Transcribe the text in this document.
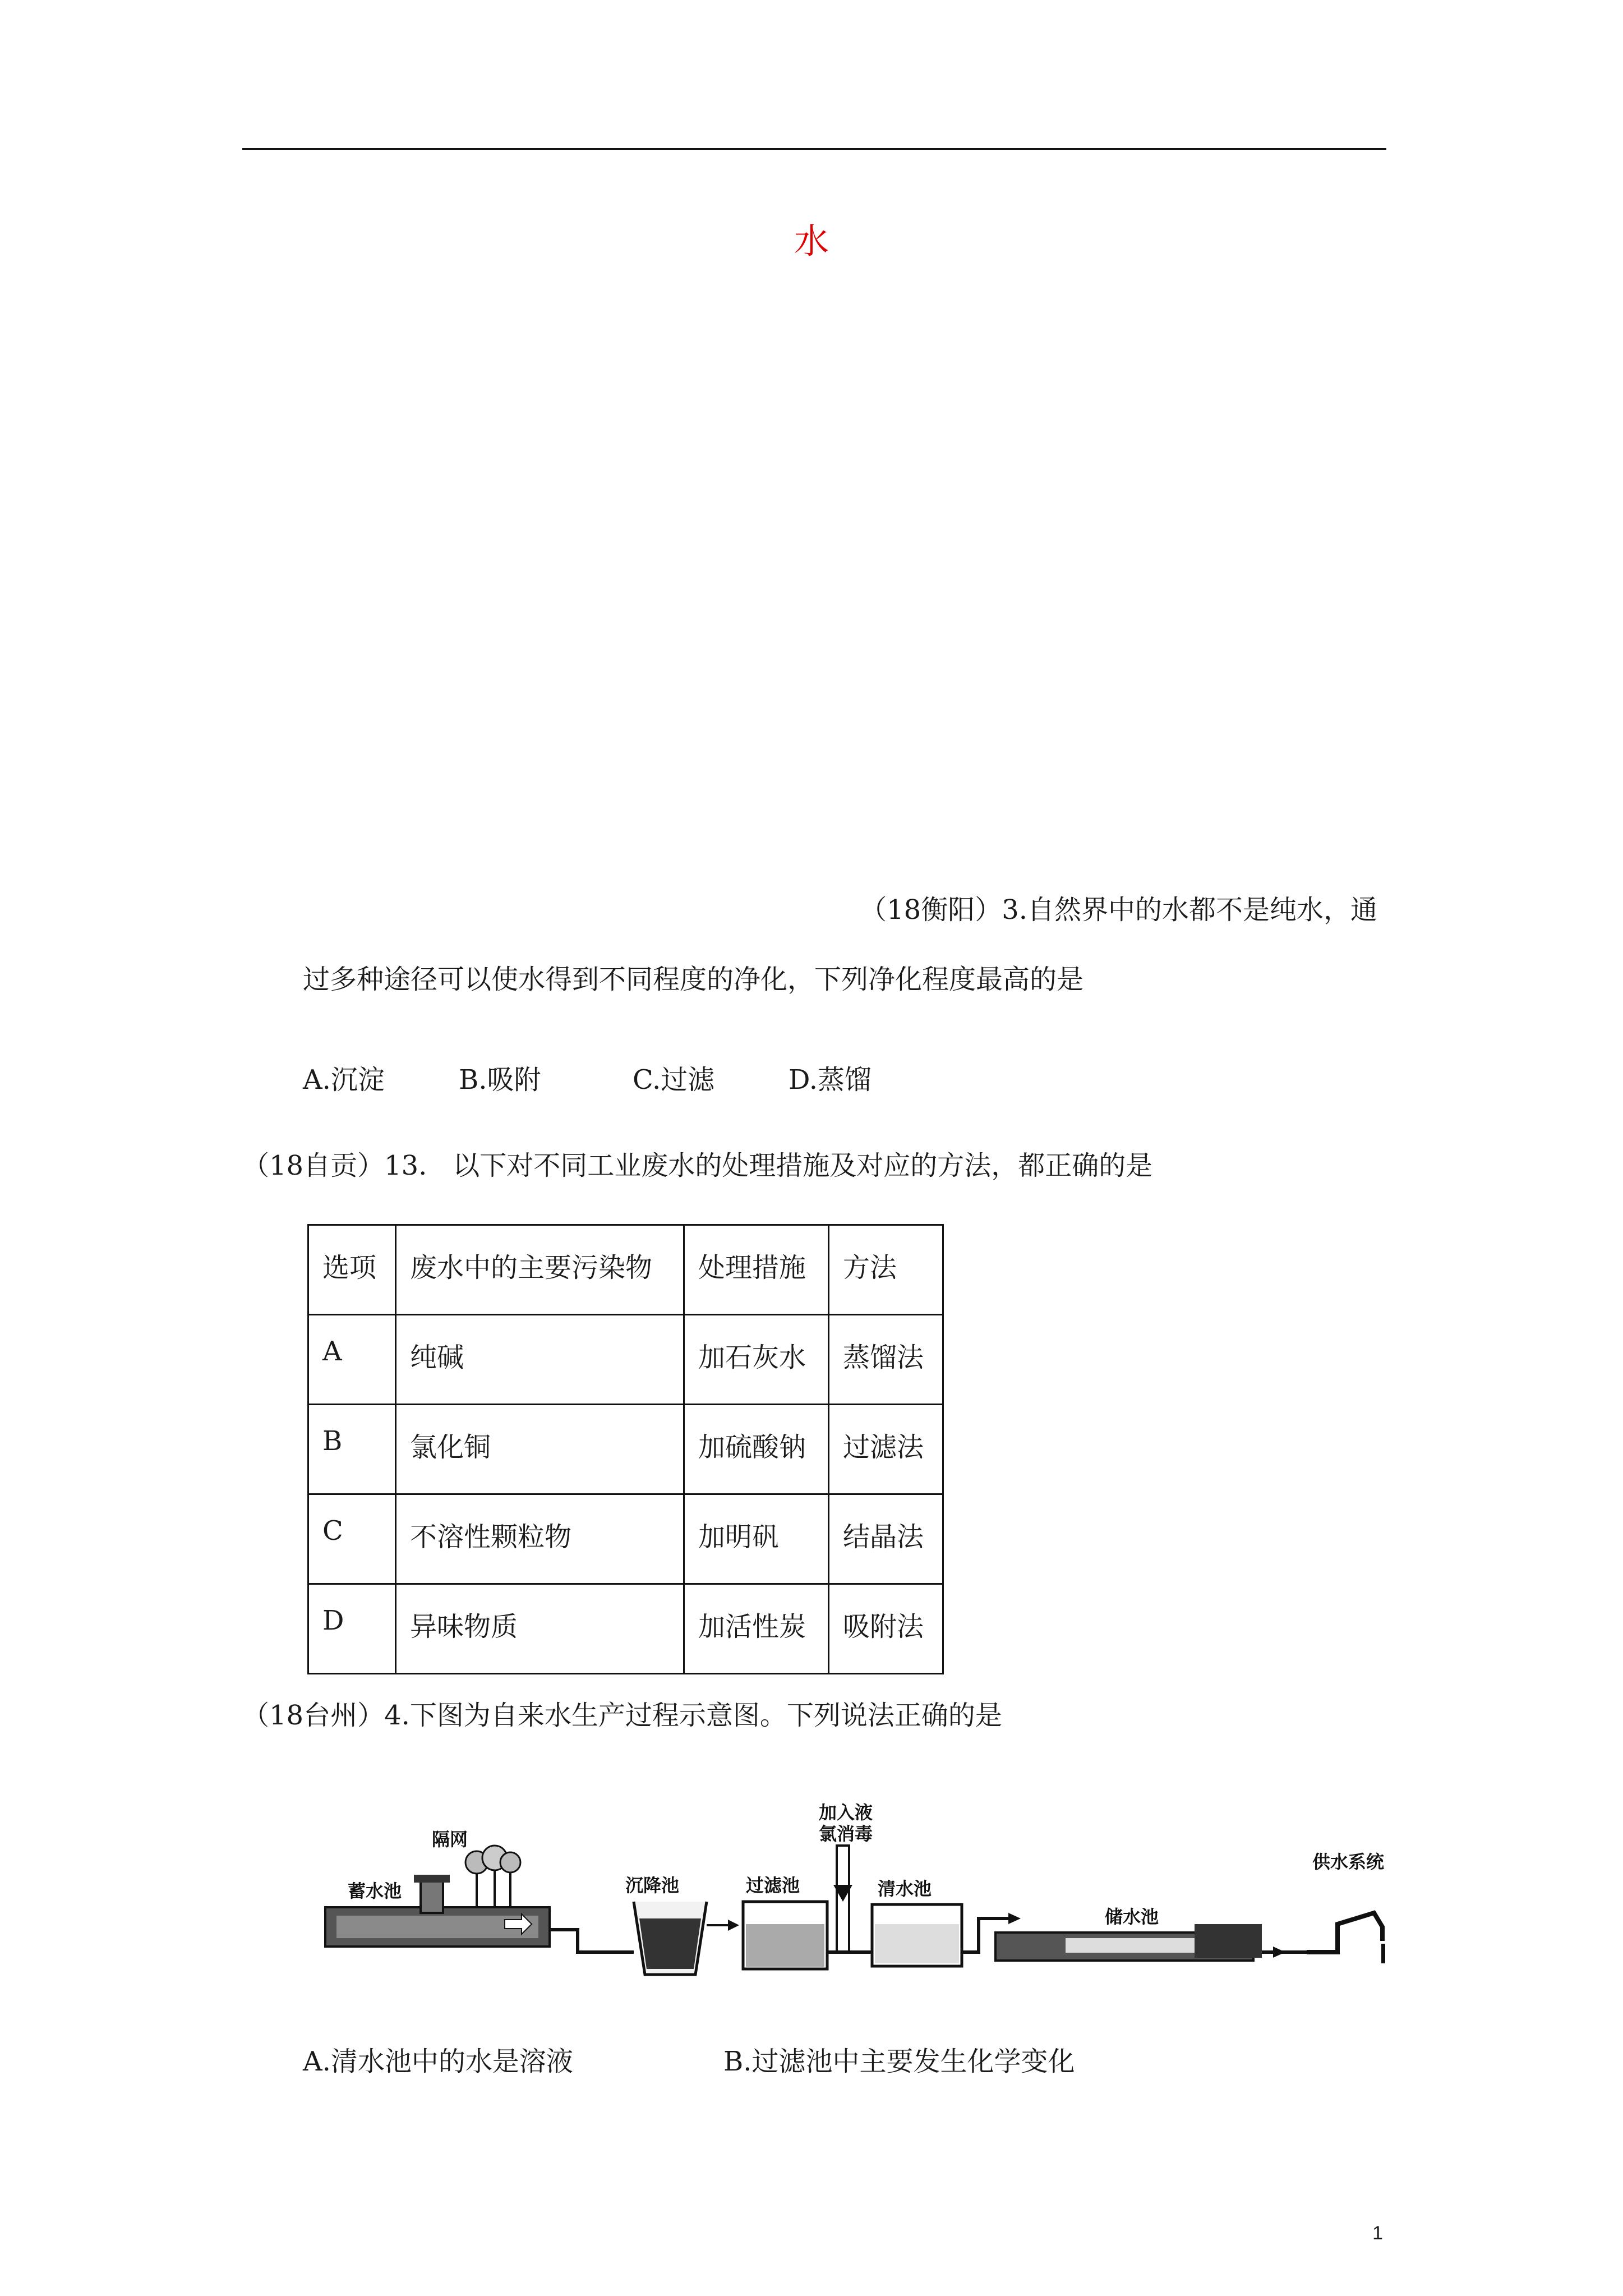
水
（18衡阳）3.自然界中的水都不是纯水，通
过多种途径可以使水得到不同程度的净化，下列净化程度最高的是
A.沉淀	B.吸附	C.过滤	D.蒸馏
（18自贡）13.   以下对不同工业废水的处理措施及对应的方法，都正确的是
选项	废水中的主要污染物	处理措施	方法
A	纯碱	加石灰水	蒸馏法
B	氯化铜	加硫酸钠	过滤法
C	不溶性颗粒物	加明矾	结晶法
D	异味物质	加活性炭	吸附法
（18台州）4.下图为自来水生产过程示意图。下列说法正确的是
蓄水池
隔网
沉降池	过滤池
加入液
氯消毒
清水池
储水池
供水系统
A.清水池中的水是溶液	B.过滤池中主要发生化学变化
1
